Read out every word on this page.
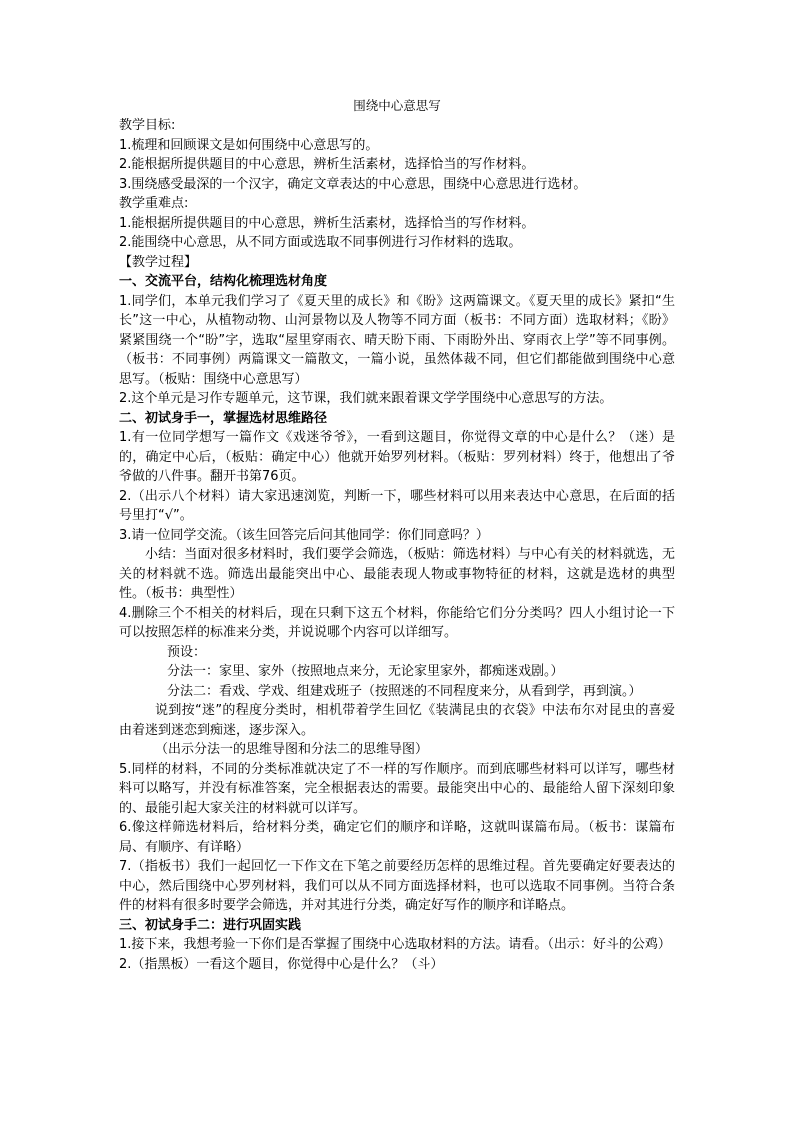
围绕中心意思写

教学目标:

1.梳理和回顾课文是如何围绕中心意思写的。

2.能根据所提供题目的中心意思，辨析生活素材，选择恰当的写作材料。

3.围绕感受最深的一个汉字，确定文章表达的中心意思，围绕中心意思进行选材。

教学重难点:

1.能根据所提供题目的中心意思，辨析生活素材，选择恰当的写作材料。

2.能围绕中心意思，从不同方面或选取不同事例进行习作材料的选取。

【教学过程】

一、交流平台，结构化梳理选材角度

1.同学们，本单元我们学习了《夏天里的成长》和《盼》这两篇课文。《夏天里的成长》紧扣“生长”这一中心，从植物动物、山河景物以及人物等不同方面（板书：不同方面）选取材料；《盼》紧紧围绕一个“盼”字，选取“屋里穿雨衣、晴天盼下雨、下雨盼外出、穿雨衣上学”等不同事例。（板书：不同事例）两篇课文一篇散文，一篇小说，虽然体裁不同，但它们都能做到围绕中心意思写。（板贴：围绕中心意思写）

2.这个单元是习作专题单元，这节课，我们就来跟着课文学学围绕中心意思写的方法。

二、初试身手一，掌握选材思维路径

1.有一位同学想写一篇作文《戏迷爷爷》，一看到这题目，你觉得文章的中心是什么？（迷）是的，确定中心后，（板贴：确定中心）他就开始罗列材料。（板贴：罗列材料）终于，他想出了爷爷做的八件事。翻开书第76页。

2.（出示八个材料）请大家迅速浏览，判断一下，哪些材料可以用来表达中心意思，在后面的括号里打“√”。

3.请一位同学交流。（该生回答完后问其他同学：你们同意吗？）

小结：当面对很多材料时，我们要学会筛选，（板贴：筛选材料）与中心有关的材料就选，无关的材料就不选。筛选出最能突出中心、最能表现人物或事物特征的材料，这就是选材的典型性。（板书：典型性）

4.删除三个不相关的材料后，现在只剩下这五个材料，你能给它们分分类吗？四人小组讨论一下可以按照怎样的标准来分类，并说说哪个内容可以详细写。

预设：

分法一：家里、家外（按照地点来分，无论家里家外，都痴迷戏剧。）

分法二：看戏、学戏、组建戏班子（按照迷的不同程度来分，从看到学，再到演。）

说到按“迷”的程度分类时，相机带着学生回忆《装满昆虫的衣袋》中法布尔对昆虫的喜爱由着迷到迷恋到痴迷，逐步深入。

（出示分法一的思维导图和分法二的思维导图）

5.同样的材料，不同的分类标准就决定了不一样的写作顺序。而到底哪些材料可以详写，哪些材料可以略写，并没有标准答案，完全根据表达的需要。最能突出中心的、最能给人留下深刻印象的、最能引起大家关注的材料就可以详写。

6.像这样筛选材料后，给材料分类，确定它们的顺序和详略，这就叫谋篇布局。（板书：谋篇布局、有顺序、有详略）

7.（指板书）我们一起回忆一下作文在下笔之前要经历怎样的思维过程。首先要确定好要表达的中心，然后围绕中心罗列材料，我们可以从不同方面选择材料，也可以选取不同事例。当符合条件的材料有很多时要学会筛选，并对其进行分类，确定好写作的顺序和详略点。

三、初试身手二：进行巩固实践

1.接下来，我想考验一下你们是否掌握了围绕中心选取材料的方法。请看。（出示：好斗的公鸡）

2.（指黑板）一看这个题目，你觉得中心是什么？（斗）
